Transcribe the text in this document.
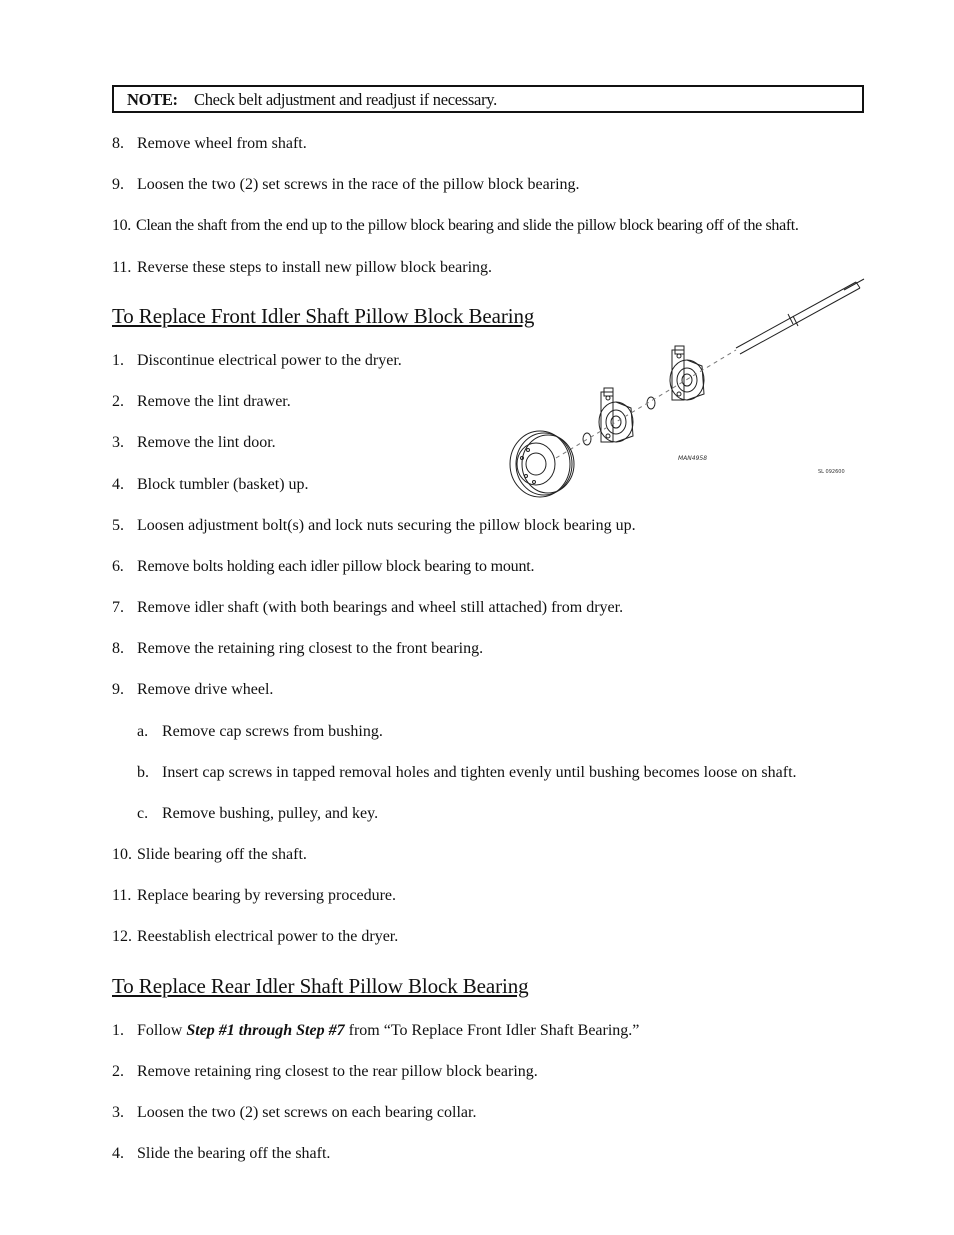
NOTE: Check belt adjustment and readjust if necessary.
8. Remove wheel from shaft.
9. Loosen the two (2) set screws in the race of the pillow block bearing.
10. Clean the shaft from the end up to the pillow block bearing and slide the pillow block bearing off of the shaft.
11. Reverse these steps to install new pillow block bearing.
To Replace Front Idler Shaft Pillow Block Bearing
MAN4958
SL 092600
1. Discontinue electrical power to the dryer.
2. Remove the lint drawer.
3. Remove the lint door.
4. Block tumbler (basket) up.
5. Loosen adjustment bolt(s) and lock nuts securing the pillow block bearing up.
6. Remove bolts holding each idler pillow block bearing to mount.
7. Remove idler shaft (with both bearings and wheel still attached) from dryer.
8. Remove the retaining ring closest to the front bearing.
9. Remove drive wheel.
a. Remove cap screws from bushing.
b. Insert cap screws in tapped removal holes and tighten evenly until bushing becomes loose on shaft.
c. Remove bushing, pulley, and key.
10. Slide bearing off the shaft.
11. Replace bearing by reversing procedure.
12. Reestablish electrical power to the dryer.
To Replace Rear Idler Shaft Pillow Block Bearing
1. Follow Step #1 through Step #7 from “To Replace Front Idler Shaft Bearing.”
2. Remove retaining ring closest to the rear pillow block bearing.
3. Loosen the two (2) set screws on each bearing collar.
4. Slide the bearing off the shaft.
